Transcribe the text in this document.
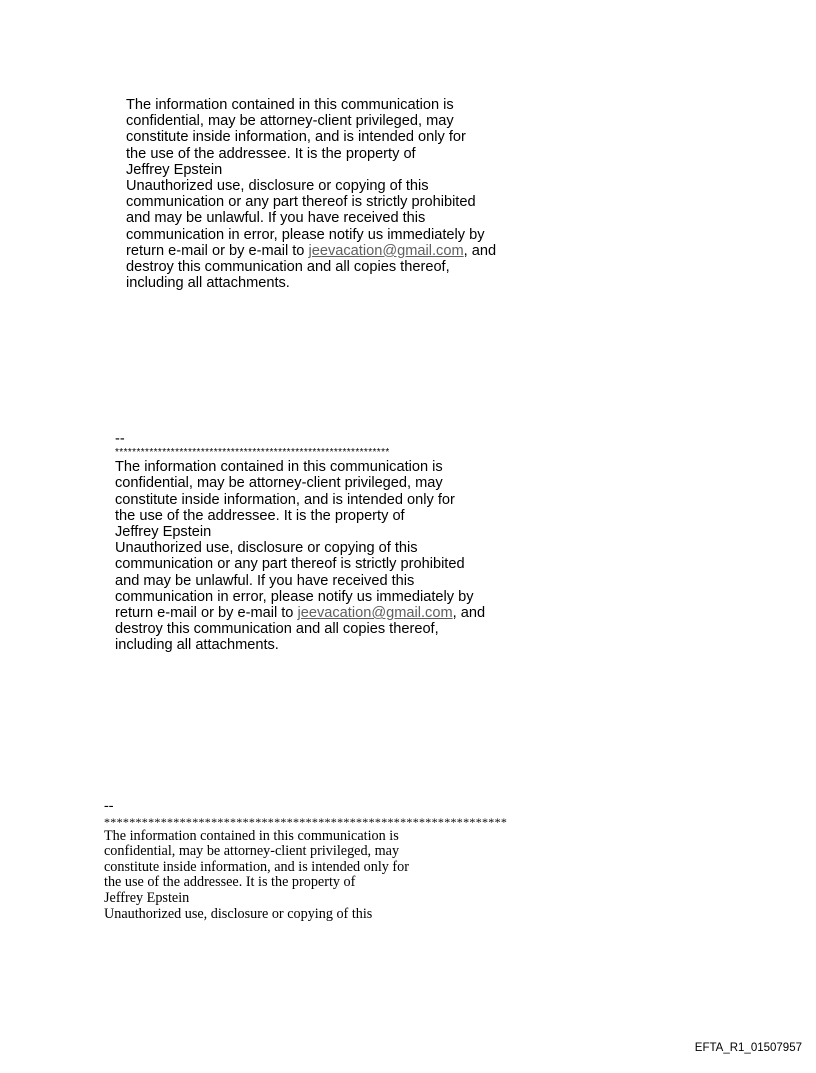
The information contained in this communication is
confidential, may be attorney-client privileged, may
constitute inside information, and is intended only for
the use of the addressee. It is the property of
Jeffrey Epstein
Unauthorized use, disclosure or copying of this
communication or any part thereof is strictly prohibited
and may be unlawful. If you have received this
communication in error, please notify us immediately by
return e-mail or by e-mail to jeevacation@gmail.com, and
destroy this communication and all copies thereof,
including all attachments.
--
****************************************************************
The information contained in this communication is
confidential, may be attorney-client privileged, may
constitute inside information, and is intended only for
the use of the addressee. It is the property of
Jeffrey Epstein
Unauthorized use, disclosure or copying of this
communication or any part thereof is strictly prohibited
and may be unlawful. If you have received this
communication in error, please notify us immediately by
return e-mail or by e-mail to jeevacation@gmail.com, and
destroy this communication and all copies thereof,
including all attachments.
--
****************************************************************
The information contained in this communication is
confidential, may be attorney-client privileged, may
constitute inside information, and is intended only for
the use of the addressee. It is the property of
Jeffrey Epstein
Unauthorized use, disclosure or copying of this
EFTA_R1_01507957
